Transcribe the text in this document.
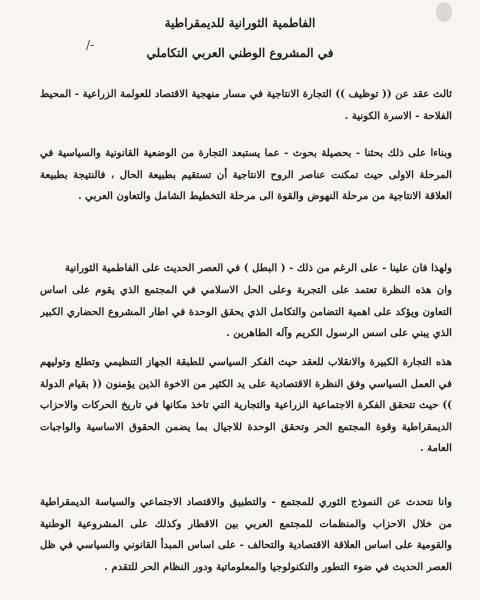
الفاطمية الثورانية للديمقراطية
في المشروع الوطني العربي التكاملي
/‎-
ثالث عقد عن (( توظيف )) التجارة الانتاجية في مسار منهجية الاقتصاد للعولمة الزراعية - المحيط الفلاحة - الاسرة الكونية .
وبناءا على ذلك بحثنا - بحصيلة بحوث - عما يستبعد التجارة من الوضعية القانونية والسياسية في المرحلة الاولى حيث تمكنت عناصر الروح الانتاجية أن تستقيم بطبيعة الحال ، فالنتيجة بطبيعة العلاقة الانتاجية من مرحلة النهوض والقوة الى مرحلة التخطيط الشامل والتعاون العربي .
ولهذا فان علينا - على الرغم من ذلك - ( البطل ) في العصر الحديث على الفاطمية الثورانية
وان هذه النظرة تعتمد على التجربة وعلى الحل الاسلامي في المجتمع الذي يقوم على اساس التعاون ويؤكد على اهمية التضامن والتكامل الذي يحقق الوحدة في اطار المشروع الحضاري الكبير الذي يبني على اسس الرسول الكريم وآله الطاهرين .
هذه التجارة الكبيرة والانقلاب للعقد حيث الفكر السياسي للطبقة الجهاز التنظيمي وتطلع وتوليهم في العمل السياسي وفق النظرة الاقتصادية على يد الكثير من الاخوة الذين يؤمنون (( بقيام الدولة )) حيث تتحقق الفكرة الاجتماعية الزراعية والتجارية التي تاخذ مكانها في تاريخ الحركات والاحزاب الديمقراطية وقوة المجتمع الحر وتحقق الوحدة للاجيال بما يضمن الحقوق الاساسية والواجبات العامة .
وانا نتحدث عن النموذج الثوري للمجتمع - والتطبيق والاقتصاد الاجتماعي والسياسة الديمقراطية من خلال الاحزاب والمنظمات للمجتمع العربي بين الاقطار وكذلك على المشروعية الوطنية والقومية على اساس العلاقة الاقتصادية والتحالف - على اساس المبدأ القانوني والسياسي في ظل العصر الحديث في ضوء التطور والتكنولوجيا والمعلوماتية ودور النظام الحر للتقدم .
